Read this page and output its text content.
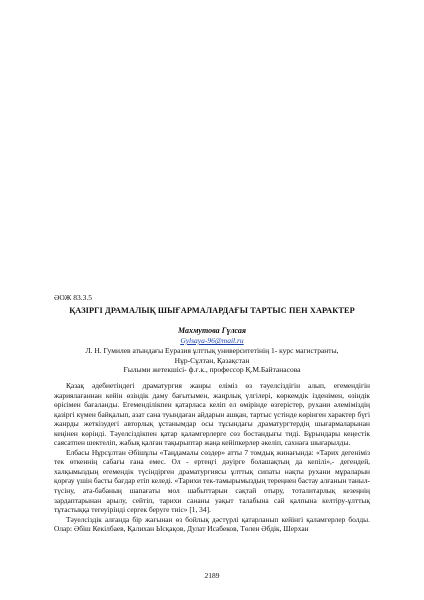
ӘОЖ 83.3.5
ҚАЗІРГІ ДРАМАЛЫҚ ШЫҒАРМАЛАРДАҒЫ ТАРТЫС ПЕН ХАРАКТЕР
Махмутова Гүлсая
Gylsaya-96@mail.ru
Л. Н. Гумилев атындағы Еуразия ұлттық университетінің 1- курс магистранты,
Нұр-Сұлтан, Қазақстан
Ғылыми жетекшісі- ф.ғ.к., профессор Қ.М.Байтанасова

Қазақ әдебиетіндегі драматургия жанры еліміз өз тәуелсіздігін алып, егемендігін жариялағаннан кейін өзіндік даму бағытымен, жаңрлық үлгілері, көркемдік ізденімен, өзіндік өрісімен бағаланды. Егеменділікпен қатарласа келіп ел өмірінде өзгерістер, рухани әлеміміздің қазіргі күмен байқалып, азат сана туындаған айдарын ашқан, тартыс үстінде көрінген характер бүгі жанрды жеткізудегі авторлық ұстанымдар осы тұсындағы драматургтердің шығармаларынан кеңінен көрінді. Тәуелсіздікпен қатар қаламгерлерге сөз бостандығы тиді. Бұрындары кеңестік саясатпен шектеліп, жабық қалған тақырыптар жаңа кейіпкерлер әкеліп, сахнаға шығарылды.

Елбасы Нұрсұлтан Әбішұлы «Таңдамалы сөздер» атты 7 томдық жинағында: «Тарих дегеніміз тек өткеннің сабағы ғана емес. Ол - ертеңгі дәуірге болашақтың да кепілі»,- дегендей, халқымыздың егемендік түсіндірген драматургиясы ұлттық сипаты нақты рухани мұраларын қорғау үшін басты бағдар етіп келеді. «Тарихи тек-тамырымыздың тереңнен бастау алғанын таныл-түсіну, ата-бабаның шапағаты мол шабыттарын сақтай отыру, тоталитарлық кезеңнің зардаптарынан арылу, сейтіп, тарихи сананы уақыт талабына сай қалпына келтіру-ұлттық тұтастыққа тегеуірінді сергек беруге тиіс» [1, 34].

Тәуелсіздік алғанда бір жағынан өз бойлық дәстүрлі қатарланып кейінгі қаламгерлер болды. Олар: Әбіш Кекілбаев, Қалихан Ысқақов, Дулат Исабеков, Төлен Әбдік, Шерхан

2189
